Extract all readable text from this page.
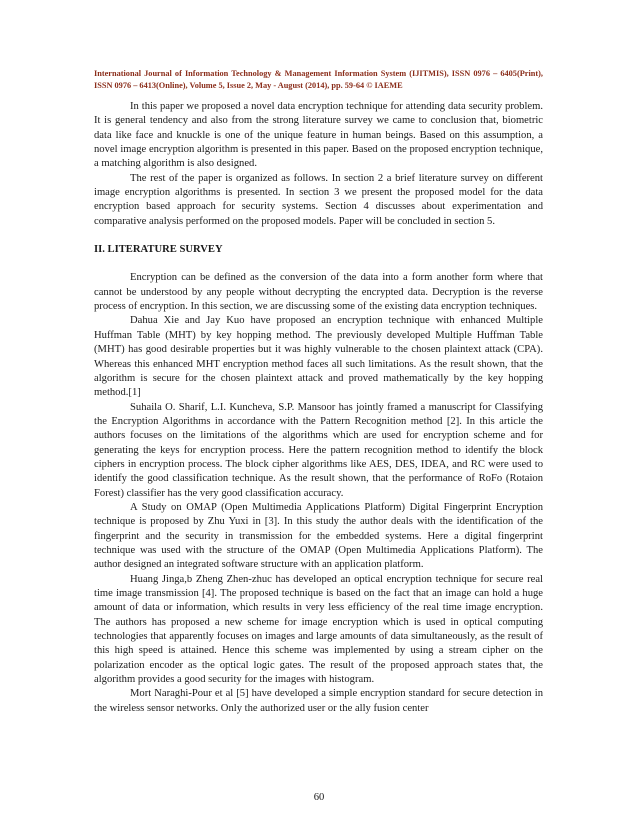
International Journal of Information Technology & Management Information System (IJITMIS), ISSN 0976 – 6405(Print), ISSN 0976 – 6413(Online), Volume 5, Issue 2, May - August (2014), pp. 59-64 © IAEME

In this paper we proposed a novel data encryption technique for attending data security problem. It is general tendency and also from the strong literature survey we came to conclusion that, biometric data like face and knuckle is one of the unique feature in human beings. Based on this assumption, a novel image encryption algorithm is presented in this paper. Based on the proposed encryption technique, a matching algorithm is also designed.

The rest of the paper is organized as follows. In section 2 a brief literature survey on different image encryption algorithms is presented. In section 3 we present the proposed model for the data encryption based approach for security systems. Section 4 discusses about experimentation and comparative analysis performed on the proposed models. Paper will be concluded in section 5.

II. LITERATURE SURVEY

Encryption can be defined as the conversion of the data into a form another form where that cannot be understood by any people without decrypting the encrypted data. Decryption is the reverse process of encryption. In this section, we are discussing some of the existing data encryption techniques.

Dahua Xie and Jay Kuo have proposed an encryption technique with enhanced Multiple Huffman Table (MHT) by key hopping method. The previously developed Multiple Huffman Table (MHT) has good desirable properties but it was highly vulnerable to the chosen plaintext attack (CPA). Whereas this enhanced MHT encryption method faces all such limitations. As the result shown, that the algorithm is secure for the chosen plaintext attack and proved mathematically by the key hopping method.[1]

Suhaila O. Sharif, L.I. Kuncheva, S.P. Mansoor has jointly framed a manuscript for Classifying the Encryption Algorithms in accordance with the Pattern Recognition method [2]. In this article the authors focuses on the limitations of the algorithms which are used for encryption scheme and for generating the keys for encryption process. Here the pattern recognition method to identify the block ciphers in encryption process. The block cipher algorithms like AES, DES, IDEA, and RC were used to identify the good classification technique. As the result shown, that the performance of RoFo (Rotaion Forest) classifier has the very good classification accuracy.

A Study on OMAP (Open Multimedia Applications Platform) Digital Fingerprint Encryption technique is proposed by Zhu Yuxi in [3]. In this study the author deals with the identification of the fingerprint and the security in transmission for the embedded systems. Here a digital fingerprint technique was used with the structure of the OMAP (Open Multimedia Applications Platform). The author designed an integrated software structure with an application platform.

Huang Jinga,b Zheng Zhen-zhuc has developed an optical encryption technique for secure real time image transmission [4]. The proposed technique is based on the fact that an image can hold a huge amount of data or information, which results in very less efficiency of the real time image encryption. The authors has proposed a new scheme for image encryption which is used in optical computing technologies that apparently focuses on images and large amounts of data simultaneously, as the result of this high speed is attained. Hence this scheme was implemented by using a stream cipher on the polarization encoder as the optical logic gates. The result of the proposed approach states that, the algorithm provides a good security for the images with histogram.

Mort Naraghi-Pour et al [5] have developed a simple encryption standard for secure detection in the wireless sensor networks. Only the authorized user or the ally fusion center

60
